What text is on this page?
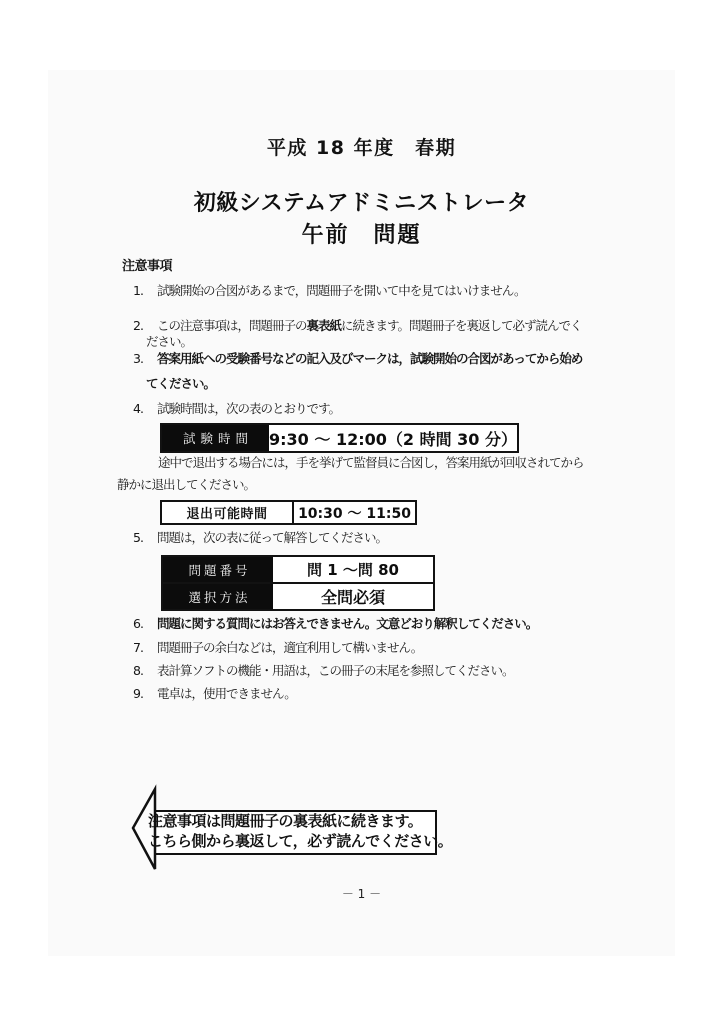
平成 18 年度　春期
初級システムアドミニストレータ
午前　問題
注意事項
1. 試験開始の合図があるまで，問題冊子を開いて中を見てはいけません。
2. この注意事項は，問題冊子の裏表紙に続きます。問題冊子を裏返して必ず読んでく
ださい。
3. 答案用紙への受験番号などの記入及びマークは，試験開始の合図があってから始め
てください。
4. 試験時間は，次の表のとおりです。
試験時間	9:30 ～ 12:00（2 時間 30 分）
途中で退出する場合には，手を挙げて監督員に合図し，答案用紙が回収されてから
静かに退出してください。
退出可能時間	10:30 ～ 11:50
5. 問題は，次の表に従って解答してください。
問題番号	問 1 ～問 80
選択方法	全問必須
6. 問題に関する質問にはお答えできません。文意どおり解釈してください。
7. 問題冊子の余白などは，適宜利用して構いません。
8. 表計算ソフトの機能・用語は，この冊子の末尾を参照してください。
9. 電卓は，使用できません。
注意事項は問題冊子の裏表紙に続きます。
こちら側から裏返して，必ず読んでください。
－ 1 －
